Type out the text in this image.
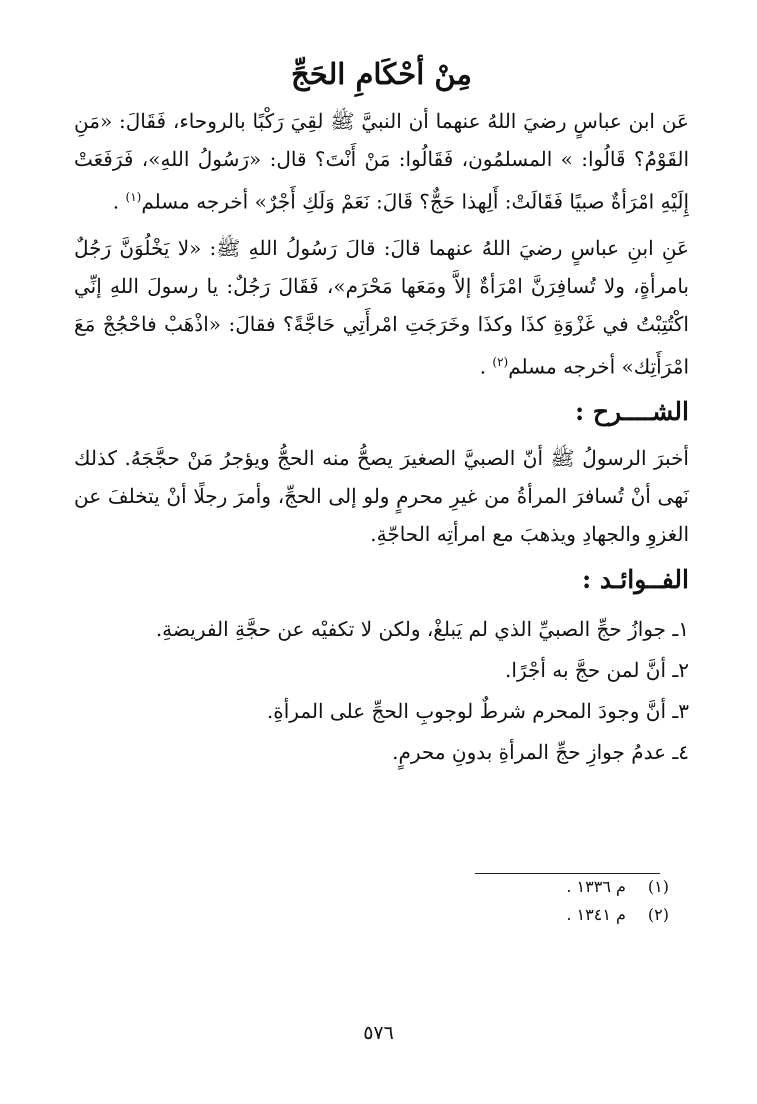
مِنْ أحْكَامِ الحَجِّ

عَن ابن عباسٍ رضيَ اللهُ عنهما أن النبيَّ ﷺ لقِيَ رَكْبًا بالروحاء، فَقَالَ: «مَنِ القَوْمُ؟ قَالُوا: » المسلمُون، فَقَالُوا: مَنْ أَنْتَ؟ قال: «رَسُولُ اللهِ»، فَرَفَعَتْ إِلَيْهِ امْرَأةٌ صبيًا فَقَالَتْ: أَلِهذا حَجٌّ؟ قَالَ: نَعَمْ وَلَكِ أَجْرٌ» أخرجه مسلم$^{(١)}$ .

عَنِ ابنِ عباسٍ رضيَ اللهُ عنهما قالَ: قالَ رَسُولُ اللهِ ﷺ: «لا يَخْلُوَنَّ رَجُلٌ بامرأةٍ، ولا تُسافِرَنَّ امْرَأةٌ إلاَّ ومَعَها مَحْرَم»، فَقَالَ رَجُلٌ: يا رسولَ اللهِ إنِّي اكْتُتِبْتُ في غَزْوَةِ كذَا وكذَا وخَرَجَتِ امْرأَتِي حَاجَّةً؟ فقالَ: «اذْهَبْ فاحْجُجْ مَعَ امْرَأَتِك» أخرجه مسلم$^{(٢)}$ .

الشــــرح :

أخبرَ الرسولُ ﷺ أنّ الصبيَّ الصغيرَ يصحُّ منه الحجُّ ويؤجرُ مَنْ حجَّجَهُ. كذلك نَهى أنْ تُسافرَ المرأةُ من غيرِ محرمٍ ولو إلى الحجِّ، وأمرَ رجلًا أنْ يتخلفَ عن الغزوِ والجهادِ ويذهبَ مع امرأتِه الحاجّةِ.

الفــوائـد :
١ـ جوازُ حجِّ الصبيِّ الذي لم يَبلغْ، ولكن لا تكفيْه عن حجَّةِ الفريضةِ.
٢ـ أنَّ لمن حجَّ به أجْرًا.
٣ـ أنَّ وجودَ المحرم شرطٌ لوجوبِ الحجِّ على المرأةِ.
٤ـ عدمُ جوازِ حجِّ المرأةِ بدونِ محرمٍ.
(١)م ١٣٣٦ .
(٢)م ١٣٤١ .
٥٧٦
